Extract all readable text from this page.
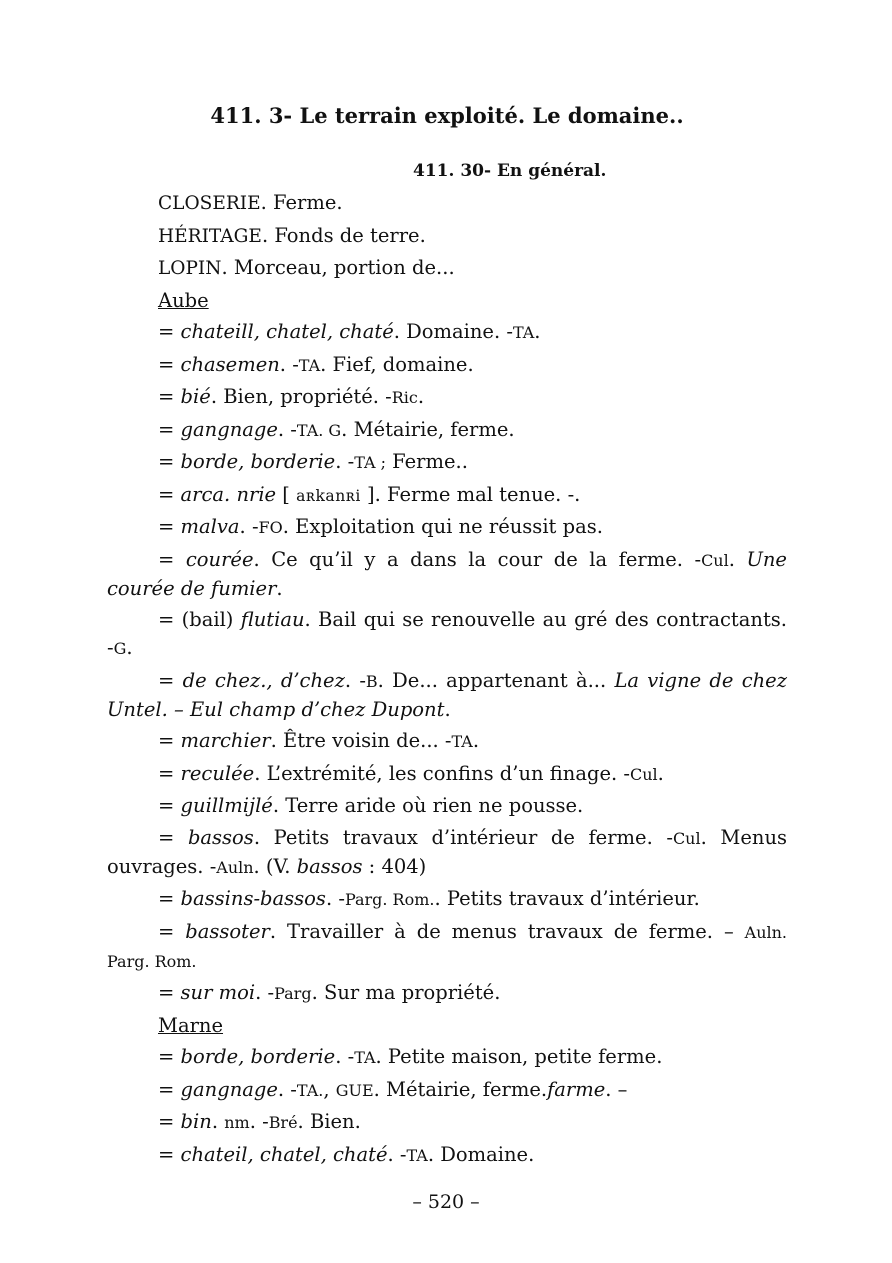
411. 3- Le terrain exploité. Le domaine..
411. 30- En général.

CLOSERIE. Ferme.

HÉRITAGE. Fonds de terre.

LOPIN. Morceau, portion de...

Aube

= chateill, chatel, chaté. Domaine. -TA.

= chasemen. -TA. Fief, domaine.

= bié. Bien, propriété. -Ric.

= gangnage. -TA. G. Métairie, ferme.

= borde, borderie. -TA ; Ferme..

= arca. nrie [ aʀkanʀi ]. Ferme mal tenue. -.

= malva. -FO. Exploitation qui ne réussit pas.

= courée. Ce qu’il y a dans la cour de la ferme. -Cul. Une courée de fumier.

= (bail) flutiau. Bail qui se renouvelle au gré des contractants. -G.

= de chez., d’chez. -B. De... appartenant à... La vigne de chez Untel. – Eul champ d’chez Dupont.

= marchier. Être voisin de... -TA.

= reculée. L’extrémité, les confins d’un finage. -Cul.

= guillmijlé. Terre aride où rien ne pousse.

= bassos. Petits travaux d’intérieur de ferme. -Cul. Menus ouvrages. -Auln. (V. bassos : 404)

= bassins-bassos. -Parg. Rom.. Petits travaux d’intérieur.

= bassoter. Travailler à de menus travaux de ferme. – Auln. Parg. Rom.

= sur moi. -Parg. Sur ma propriété.

Marne

= borde, borderie. -TA. Petite maison, petite ferme.

= gangnage. -TA., GUE. Métairie, ferme.farme. –

= bin. nm. -Bré. Bien.

= chateil, chatel, chaté. -TA. Domaine.

– 520 –
